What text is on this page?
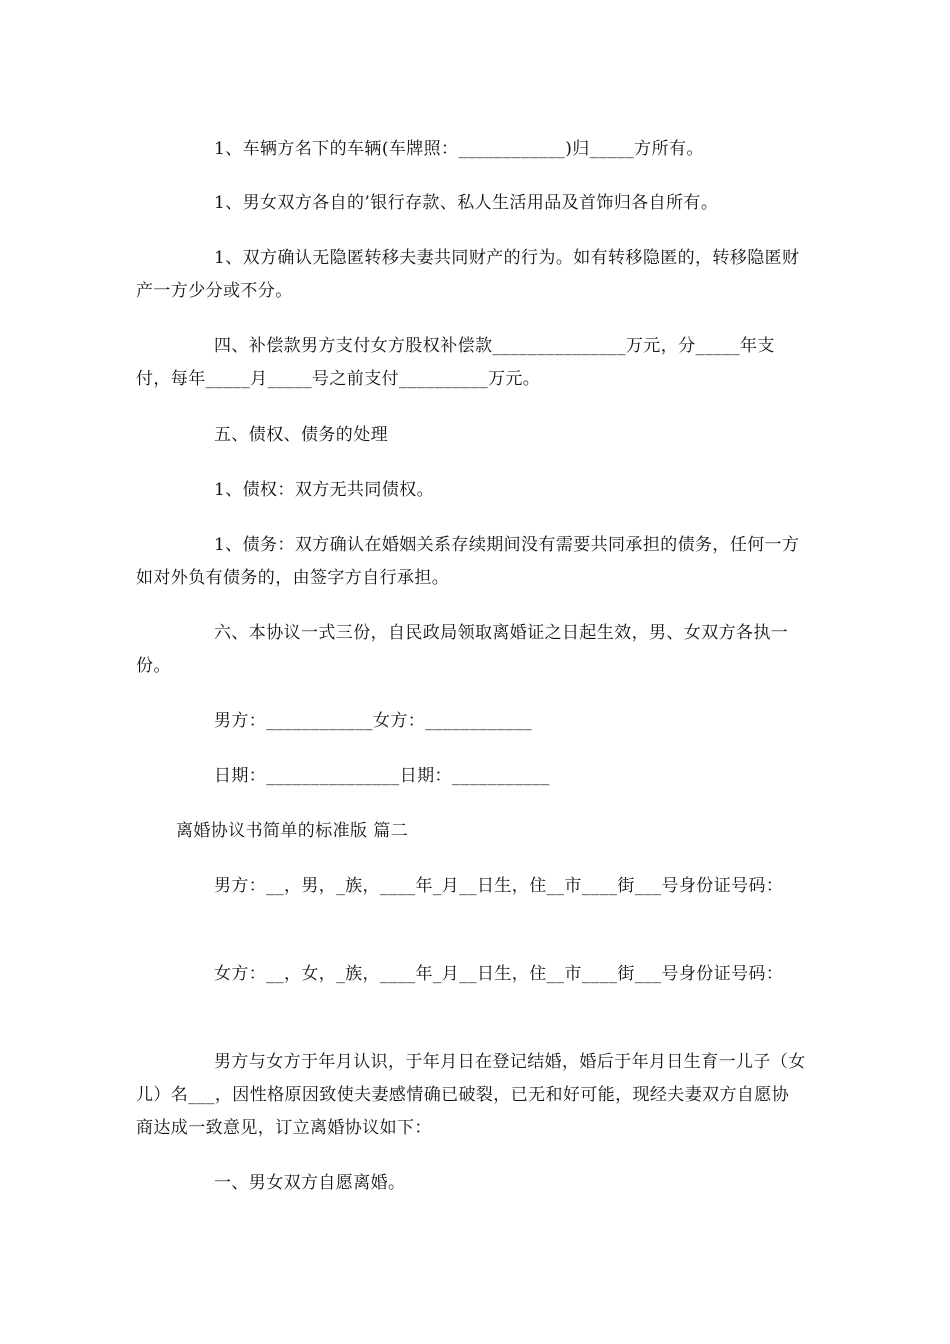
1、车辆方名下的车辆(车牌照：____________)归_____方所有。

1、男女双方各自的’银行存款、私人生活用品及首饰归各自所有。

1、双方确认无隐匿转移夫妻共同财产的行为。如有转移隐匿的，转移隐匿财产一方少分或不分。

四、补偿款男方支付女方股权补偿款_______________万元，分_____年支付，每年_____月_____号之前支付__________万元。

五、债权、债务的处理

1、债权：双方无共同债权。

1、债务：双方确认在婚姻关系存续期间没有需要共同承担的债务，任何一方如对外负有债务的，由签字方自行承担。

六、本协议一式三份，自民政局领取离婚证之日起生效，男、女双方各执一份。

男方：____________女方：____________

日期：_______________日期：___________

离婚协议书简单的标准版 篇二

男方：__，男，_族，____年_月__日生，住__市____街___号身份证号码：

女方：__，女，_族，____年_月__日生，住__市____街___号身份证号码：

男方与女方于年月认识，于年月日在登记结婚，婚后于年月日生育一儿子（女儿）名___，因性格原因致使夫妻感情确已破裂，已无和好可能，现经夫妻双方自愿协商达成一致意见，订立离婚协议如下：

一、男女双方自愿离婚。
